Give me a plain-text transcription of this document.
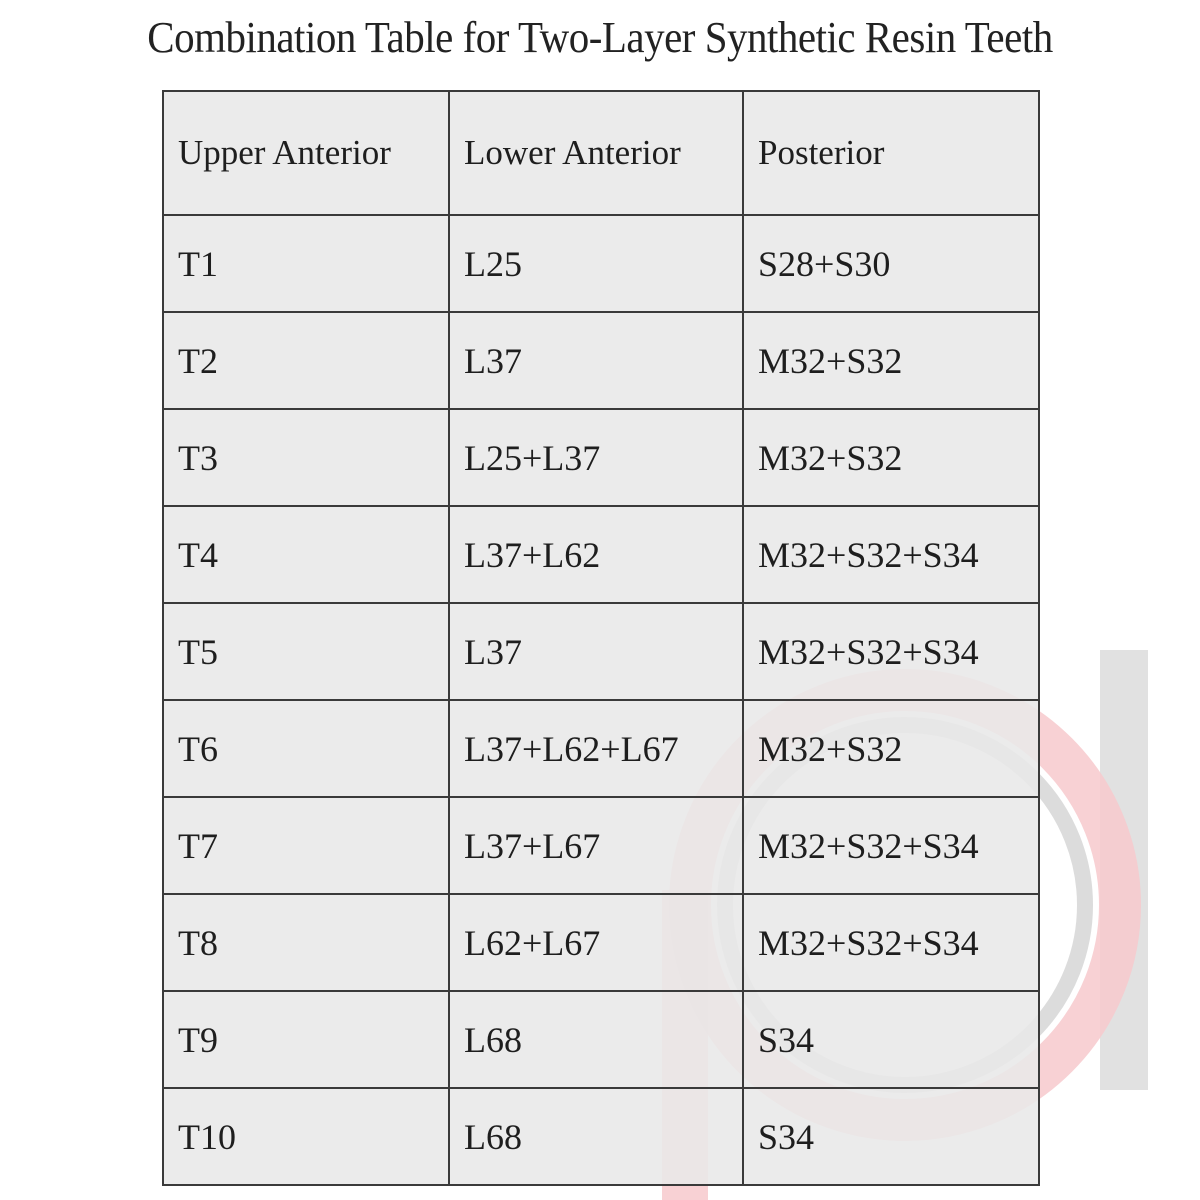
Combination Table for Two-Layer Synthetic Resin Teeth
Upper Anterior	Lower Anterior	Posterior
T1	L25	S28+S30
T2	L37	M32+S32
T3	L25+L37	M32+S32
T4	L37+L62	M32+S32+S34
T5	L37	M32+S32+S34
T6	L37+L62+L67	M32+S32
T7	L37+L67	M32+S32+S34
T8	L62+L67	M32+S32+S34
T9	L68	S34
T10	L68	S34
